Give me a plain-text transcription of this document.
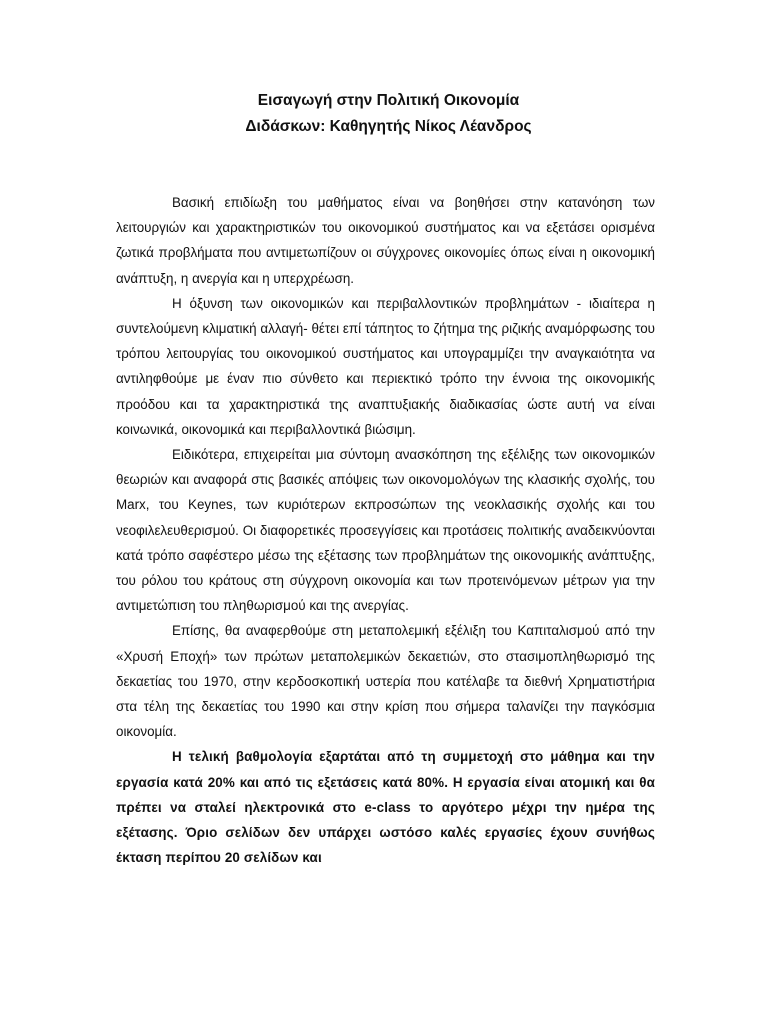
Εισαγωγή στην Πολιτική Οικονομία

Διδάσκων: Καθηγητής Νίκος Λέανδρος

Βασική επιδίωξη του μαθήματος είναι να βοηθήσει στην κατανόηση των λειτουργιών και χαρακτηριστικών του οικονομικού συστήματος και να εξετάσει ορισμένα ζωτικά προβλήματα που αντιμετωπίζουν οι σύγχρονες οικονομίες όπως είναι η οικονομική ανάπτυξη, η ανεργία και η υπερχρέωση.

Η όξυνση των οικονομικών και περιβαλλοντικών προβλημάτων - ιδιαίτερα η συντελούμενη κλιματική αλλαγή- θέτει επί τάπητος το ζήτημα της ριζικής αναμόρφωσης του τρόπου λειτουργίας του οικονομικού συστήματος και υπογραμμίζει την αναγκαιότητα να αντιληφθούμε με έναν πιο σύνθετο και περιεκτικό τρόπο την έννοια της οικονομικής προόδου και τα χαρακτηριστικά της αναπτυξιακής διαδικασίας ώστε αυτή να είναι κοινωνικά, οικονομικά και περιβαλλοντικά βιώσιμη.

Ειδικότερα, επιχειρείται μια σύντομη ανασκόπηση της εξέλιξης των οικονομικών θεωριών και αναφορά στις βασικές απόψεις των οικονομολόγων της κλασικής σχολής, του Marx, του Keynes, των κυριότερων εκπροσώπων της νεοκλασικής σχολής και του νεοφιλελευθερισμού. Οι διαφορετικές προσεγγίσεις και προτάσεις πολιτικής αναδεικνύονται κατά τρόπο σαφέστερο μέσω της εξέτασης των προβλημάτων της οικονομικής ανάπτυξης, του ρόλου του κράτους στη σύγχρονη οικονομία και των προτεινόμενων μέτρων για την αντιμετώπιση του πληθωρισμού και της ανεργίας.

Επίσης, θα αναφερθούμε στη μεταπολεμική εξέλιξη του Καπιταλισμού από την «Χρυσή Εποχή» των πρώτων μεταπολεμικών δεκαετιών, στο στασιμοπληθωρισμό της δεκαετίας του 1970, στην κερδοσκοπική υστερία που κατέλαβε τα διεθνή Χρηματιστήρια στα τέλη της δεκαετίας του 1990 και στην κρίση που σήμερα ταλανίζει την παγκόσμια οικονομία.

Η τελική βαθμολογία εξαρτάται από τη συμμετοχή στο μάθημα και την εργασία κατά 20% και από τις εξετάσεις κατά 80%. Η εργασία είναι ατομική και θα πρέπει να σταλεί ηλεκτρονικά στο e-class το αργότερο μέχρι την ημέρα της εξέτασης. Όριο σελίδων δεν υπάρχει ωστόσο καλές εργασίες έχουν συνήθως έκταση περίπου 20 σελίδων και
